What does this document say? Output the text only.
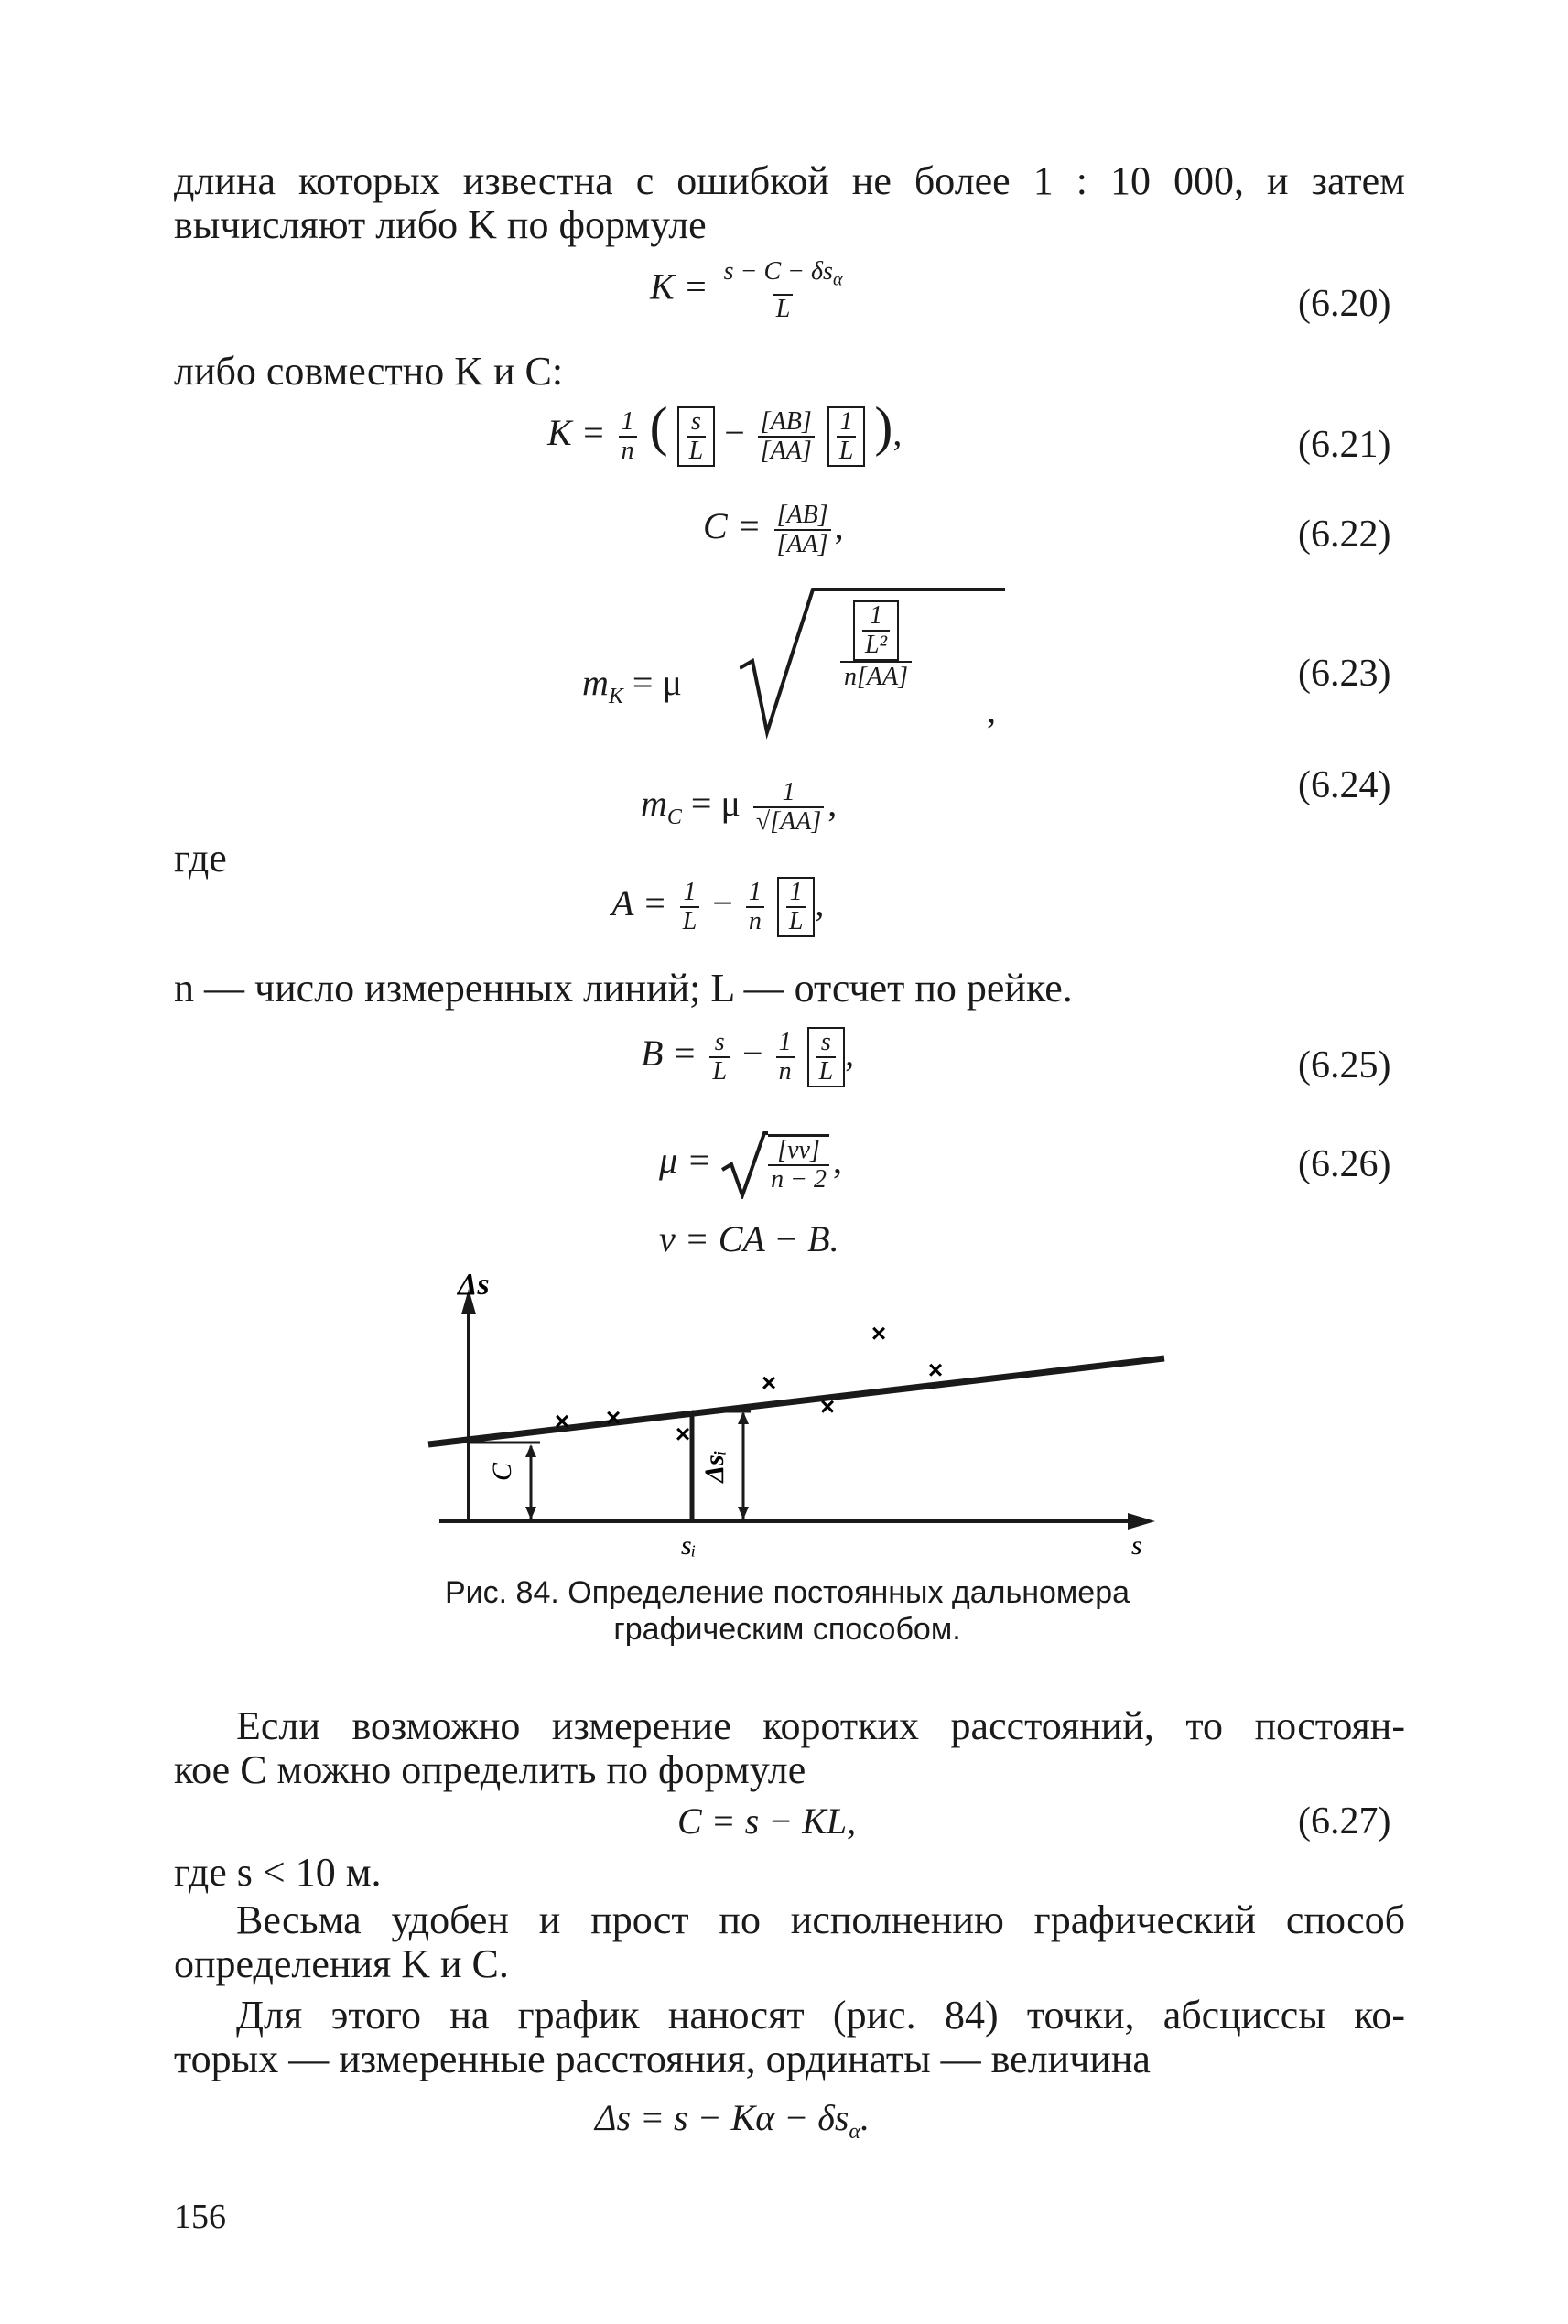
длина которых известна с ошибкой не более 1 : 10 000, и затем
вычисляют либо K по формуле
$K = \frac{s - C - \delta s_\alpha}{L}$	(6.20)
либо совместно K и C:
$K = \frac{1}{n}$ ( $\frac{s}{L} - \frac{[AB]}{[AA]}$
$\frac{1}{L}$ ),	(6.21)
$C = \frac{[AB]}{[AA]}$ ,	(6.22)
$m_K = \mu$
$\frac{1}{\text{L²}}$
n[AA]
,
(6.23)
$m_C = \mu \frac{1}{√[AA]}$ ,	(6.24)
где
$A = \frac{1}{L} - \frac{1}{n}$
$\frac{1}{L}$ ,
n — число измеренных линий; L — отсчет по рейке.
$B = \frac{s}{L} - \frac{1}{n}$
$\frac{s}{L}$ ,	(6.25)
$\mu = \frac{[vv]}{n - 2}$ ,	(6.26)
v = CA − B.
Δs
s
C	Δsᵢ
sᵢ
× ×
×
×
×
×
×
Рис. 84. Определение постоянных дальномера
графическим способом.
Если возможно измерение коротких расстояний, то постоян-
кое C можно определить по формуле
C = s − KL,	(6.27)
где s < 10 м.
Весьма удобен и прост по исполнению графический способ
определения K и C.
Для этого на график наносят (рис. 84) точки, абсциссы ко-
торых — измеренные расстояния, ординаты — величина
$\Delta s = s - K\alpha - \delta s_\alpha$.
156
